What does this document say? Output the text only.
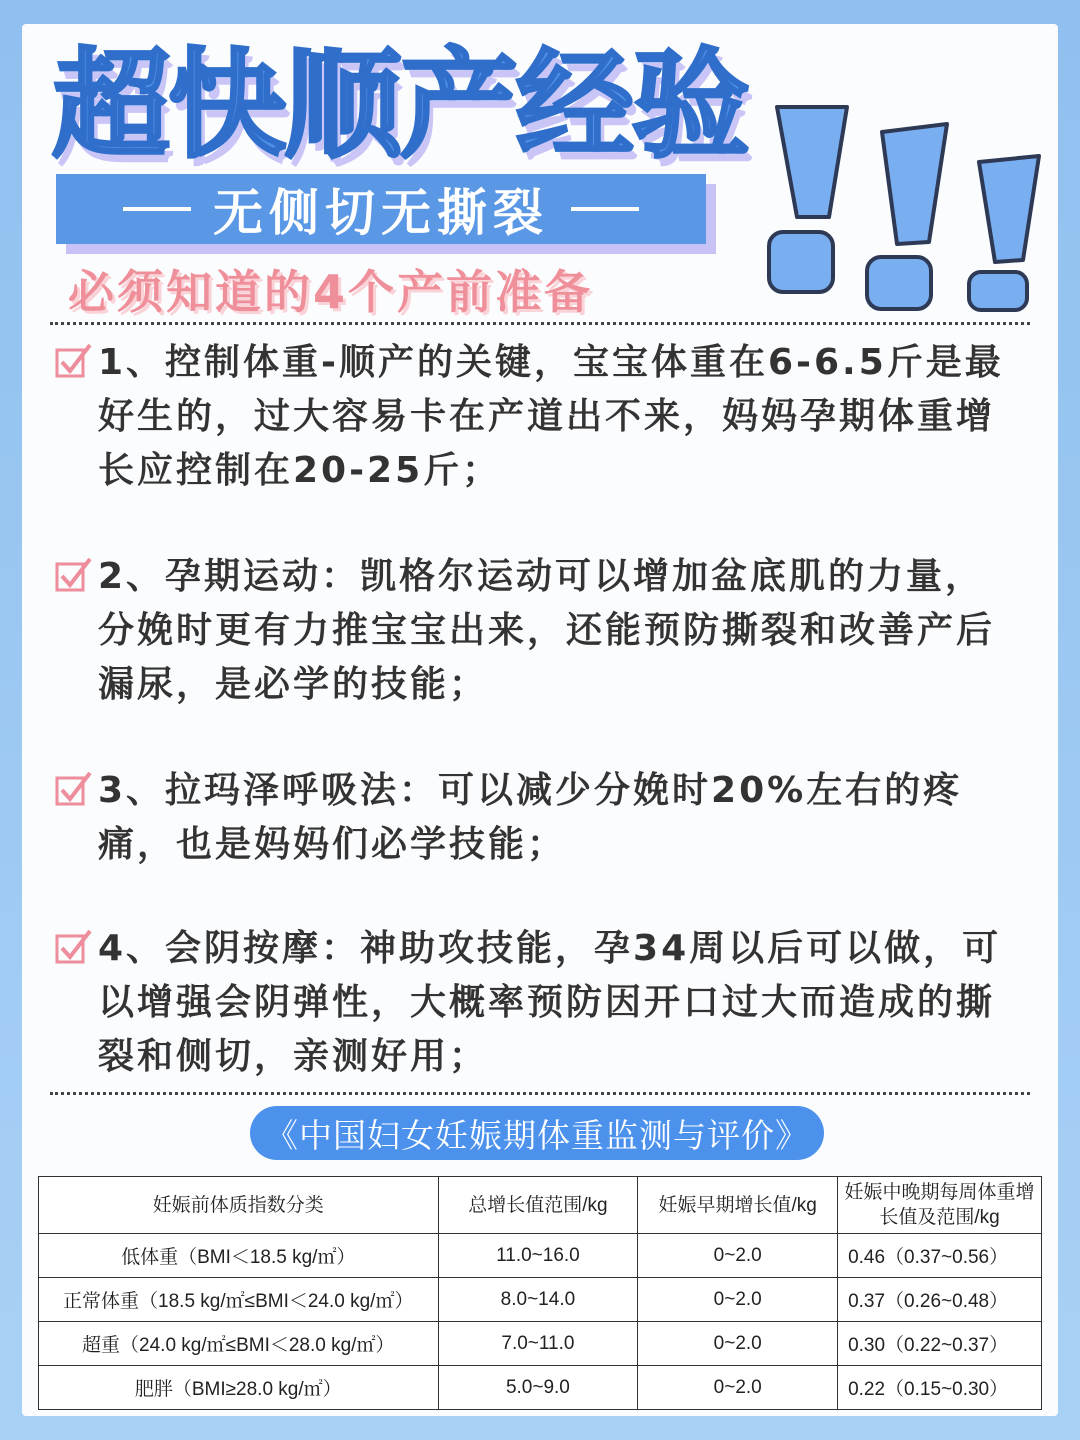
超快顺产经验
无侧切无撕裂

必须知道的4个产前准备

1、控制体重-顺产的关键，宝宝体重在6-6.5斤是最好生的，过大容易卡在产道出不来，妈妈孕期体重增长应控制在20-25斤；
2、孕期运动：凯格尔运动可以增加盆底肌的力量，分娩时更有力推宝宝出来，还能预防撕裂和改善产后漏尿，是必学的技能；
3、拉玛泽呼吸法：可以减少分娩时20%左右的疼痛，也是妈妈们必学技能；
4、会阴按摩：神助攻技能，孕34周以后可以做，可以增强会阴弹性，大概率预防因开口过大而造成的撕裂和侧切，亲测好用；
《中国妇女妊娠期体重监测与评价》
妊娠前体质指数分类	总增长值范围/kg	妊娠早期增长值/kg	妊娠中晚期每周体重增长值及范围/kg
低体重（BMI＜18.5 kg/㎡）	11.0~16.0	0~2.0	0.46（0.37~0.56）
正常体重（18.5 kg/㎡≤BMI＜24.0 kg/㎡）	8.0~14.0	0~2.0	0.37（0.26~0.48）
超重（24.0 kg/㎡≤BMI＜28.0 kg/㎡）	7.0~11.0	0~2.0	0.30（0.22~0.37）
肥胖（BMI≥28.0 kg/㎡）	5.0~9.0	0~2.0	0.22（0.15~0.30）
